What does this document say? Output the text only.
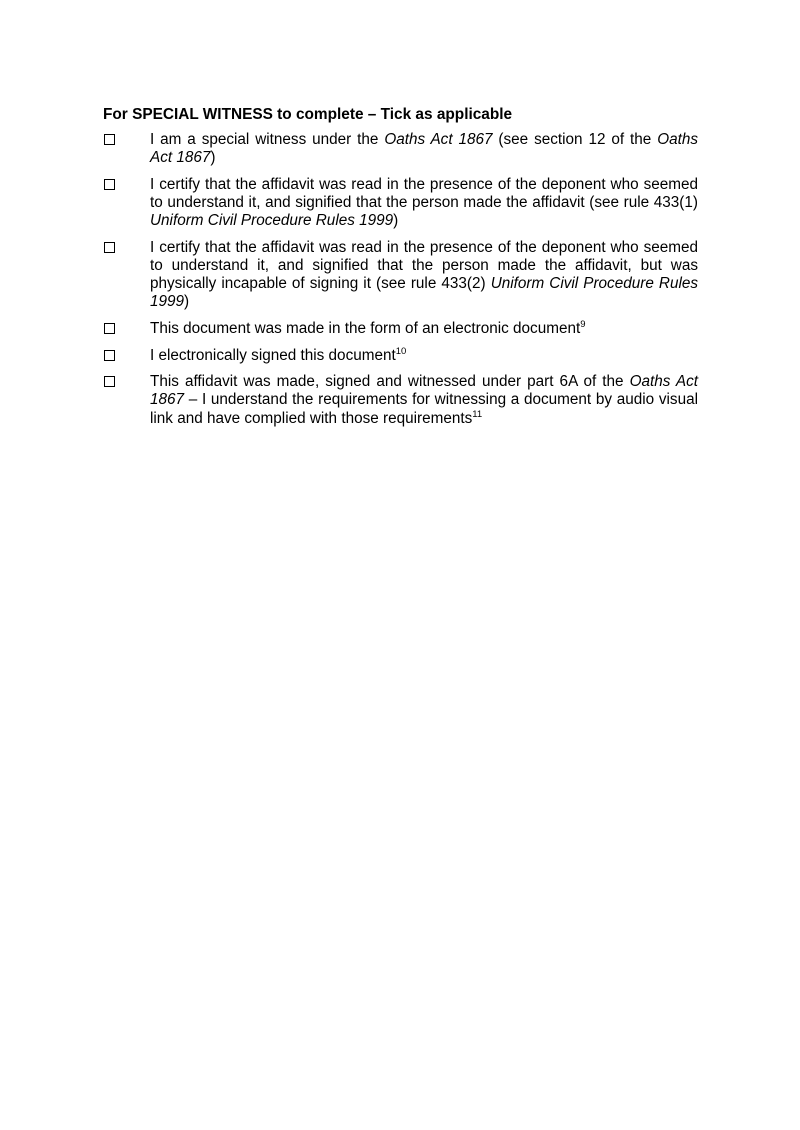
For SPECIAL WITNESS to complete – Tick as applicable
I am a special witness under the Oaths Act 1867 (see section 12 of the Oaths Act 1867)
I certify that the affidavit was read in the presence of the deponent who seemed to understand it, and signified that the person made the affidavit (see rule 433(1) Uniform Civil Procedure Rules 1999)
I certify that the affidavit was read in the presence of the deponent who seemed to understand it, and signified that the person made the affidavit, but was physically incapable of signing it (see rule 433(2) Uniform Civil Procedure Rules 1999)
This document was made in the form of an electronic document$^9$
I electronically signed this document$^{10}$
This affidavit was made, signed and witnessed under part 6A of the Oaths Act 1867 – I understand the requirements for witnessing a document by audio visual link and have complied with those requirements$^{11}$
